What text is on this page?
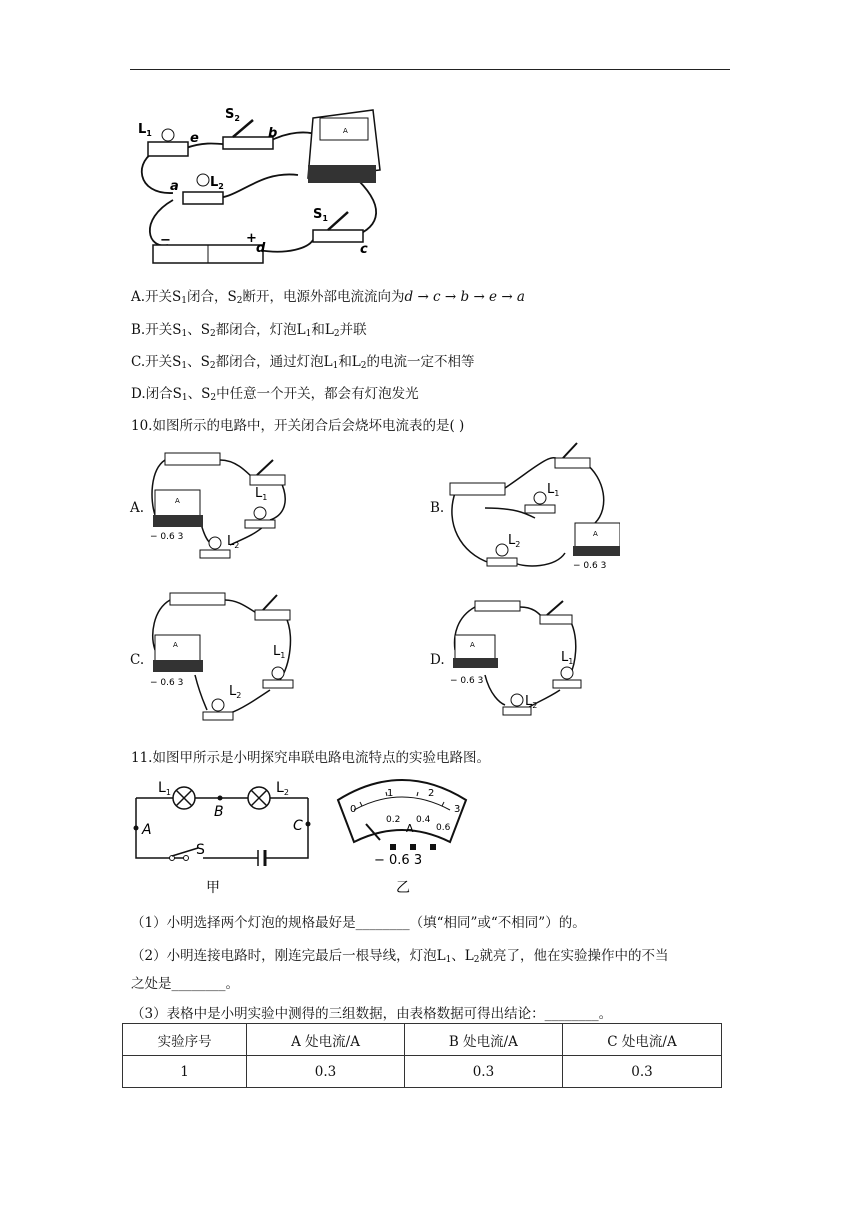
A
$L_1$	e
$S_2$
b
a $L_2$
$S_1$
−	+
d	c
A.开关$S_1$闭合，$S_2$断开，电源外部电流流向为d → c → b → e → a
B.开关$S_1$、$S_2$都闭合，灯泡$L_1$和$L_2$并联
C.开关$S_1$、$S_2$都闭合，通过灯泡$L_1$和$L_2$的电流一定不相等
D.闭合$S_1$、$S_2$中任意一个开关，都会有灯泡发光
10.如图所示的电路中，开关闭合后会烧坏电流表的是( )
A.	A
− 0.6 3
$L_1$
$L_2$
B.
A
− 0.6 3
$L_1$
$L_2$
C.
A
− 0.6 3
$L_1$
$L_2$
D.
A
− 0.6 3
$L_1$
$L_2$
11.如图甲所示是小明探究串联电路电流特点的实验电路图。
$L_1$	$L_2$
B
A	C
S
甲
0
1	2
3
0.2 0.4
0.6
A
− 0.6 3
乙
（1）小明选择两个灯泡的规格最好是________（填“相同”或“不相同”）的。
（2）小明连接电路时，刚连完最后一根导线，灯泡$L_1$、$L_2$就亮了，他在实验操作中的不当
之处是________。
（3）表格中是小明实验中测得的三组数据，由表格数据可得出结论：________。
实验序号	A 处电流/A	B 处电流/A	C 处电流/A
1	0.3	0.3	0.3
